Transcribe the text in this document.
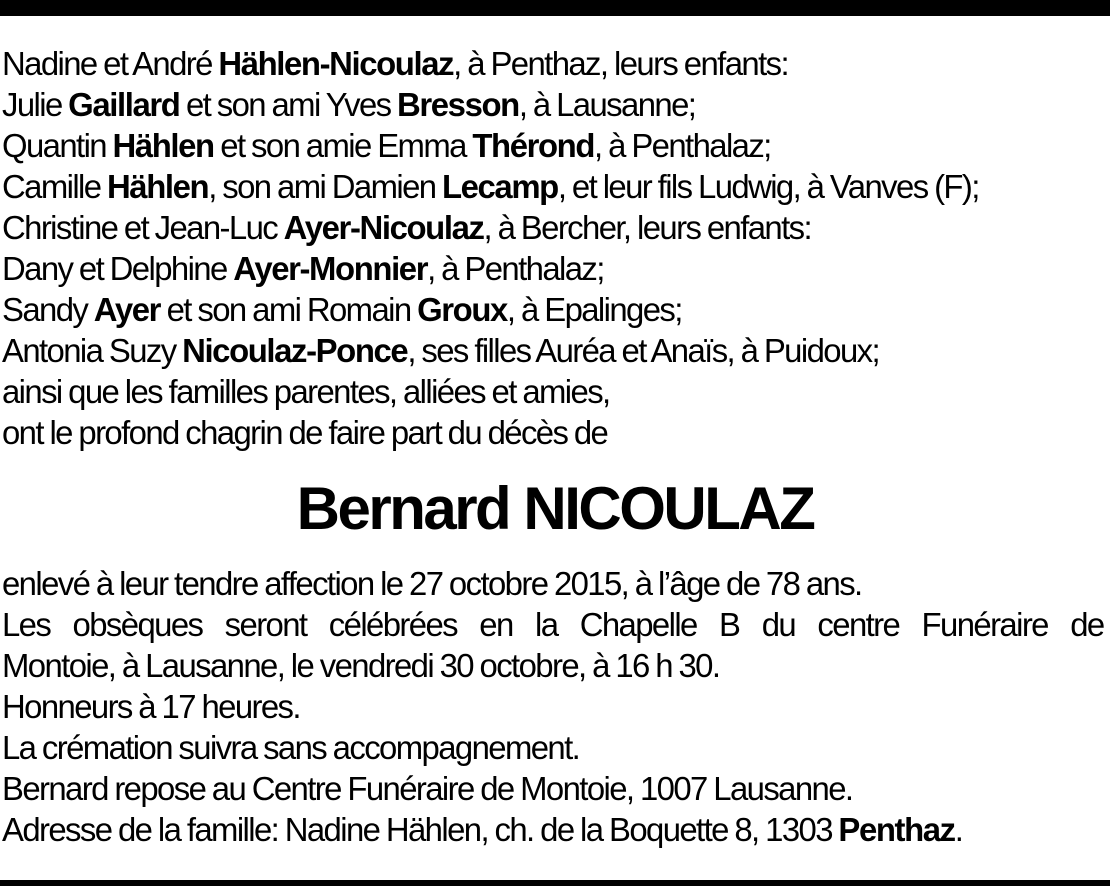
Nadine et André Hählen-Nicoulaz, à Penthaz, leurs enfants:
Julie Gaillard et son ami Yves Bresson, à Lausanne;
Quantin Hählen et son amie Emma Thérond, à Penthalaz;
Camille Hählen, son ami Damien Lecamp, et leur fils Ludwig, à Vanves (F);
Christine et Jean-Luc Ayer-Nicoulaz, à Bercher, leurs enfants:
Dany et Delphine Ayer-Monnier, à Penthalaz;
Sandy Ayer et son ami Romain Groux, à Epalinges;
Antonia Suzy Nicoulaz-Ponce, ses filles Auréa et Anaïs, à Puidoux;
ainsi que les familles parentes, alliées et amies,
ont le profond chagrin de faire part du décès de
Bernard NICOULAZ
enlevé à leur tendre affection le 27 octobre 2015, à l’âge de 78 ans.
Les obsèques seront célébrées en la Chapelle B du centre Funéraire de
Montoie, à Lausanne, le vendredi 30 octobre, à 16 h 30.
Honneurs à 17 heures.
La crémation suivra sans accompagnement.
Bernard repose au Centre Funéraire de Montoie, 1007 Lausanne.
Adresse de la famille: Nadine Hählen, ch. de la Boquette 8, 1303 Penthaz.
